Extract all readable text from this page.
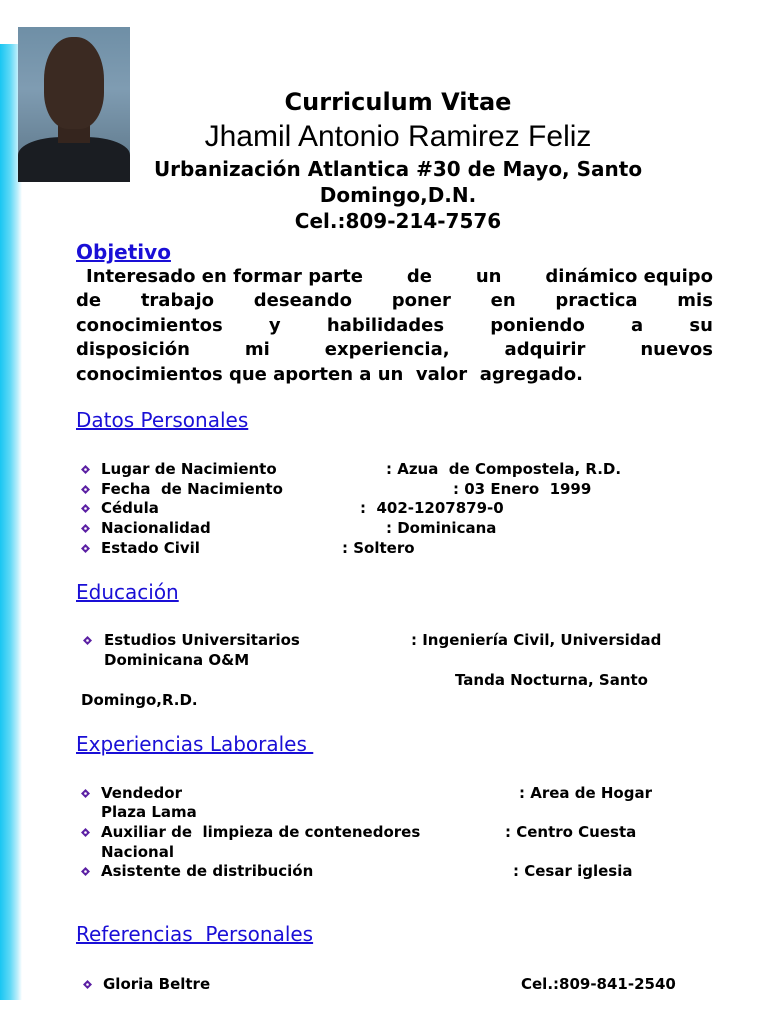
Curriculum Vitae
Jhamil Antonio Ramirez Feliz
Urbanización Atlantica #30 de Mayo, Santo
Domingo,D.N.
Cel.:809-214-7576
Objetivo
Interesado en formar parte de un dinámico equipo
de trabajo deseando poner en practica mis
conocimientos	y	habilidades	poniendo	a	su
disposición	mi	experiencia,	adquirir	nuevos
conocimientos que aporten a un  valor  agregado.
Datos Personales
Lugar de Nacimiento	: Azua  de Compostela, R.D.
Fecha  de Nacimiento	: 03 Enero  1999
Cédula	:  402-1207879-0
Nacionalidad	: Dominicana
Estado Civil	: Soltero
Educación
Estudios Universitarios	: Ingeniería Civil, Universidad
Dominicana O&M
Tanda Nocturna, Santo
Domingo,R.D.
Experiencias Laborales
Vendedor	: Area de Hogar
Plaza Lama
Auxiliar de  limpieza de contenedores	: Centro Cuesta
Nacional
Asistente de distribución	: Cesar iglesia
Referencias  Personales
Gloria Beltre	Cel.:809-841-2540
